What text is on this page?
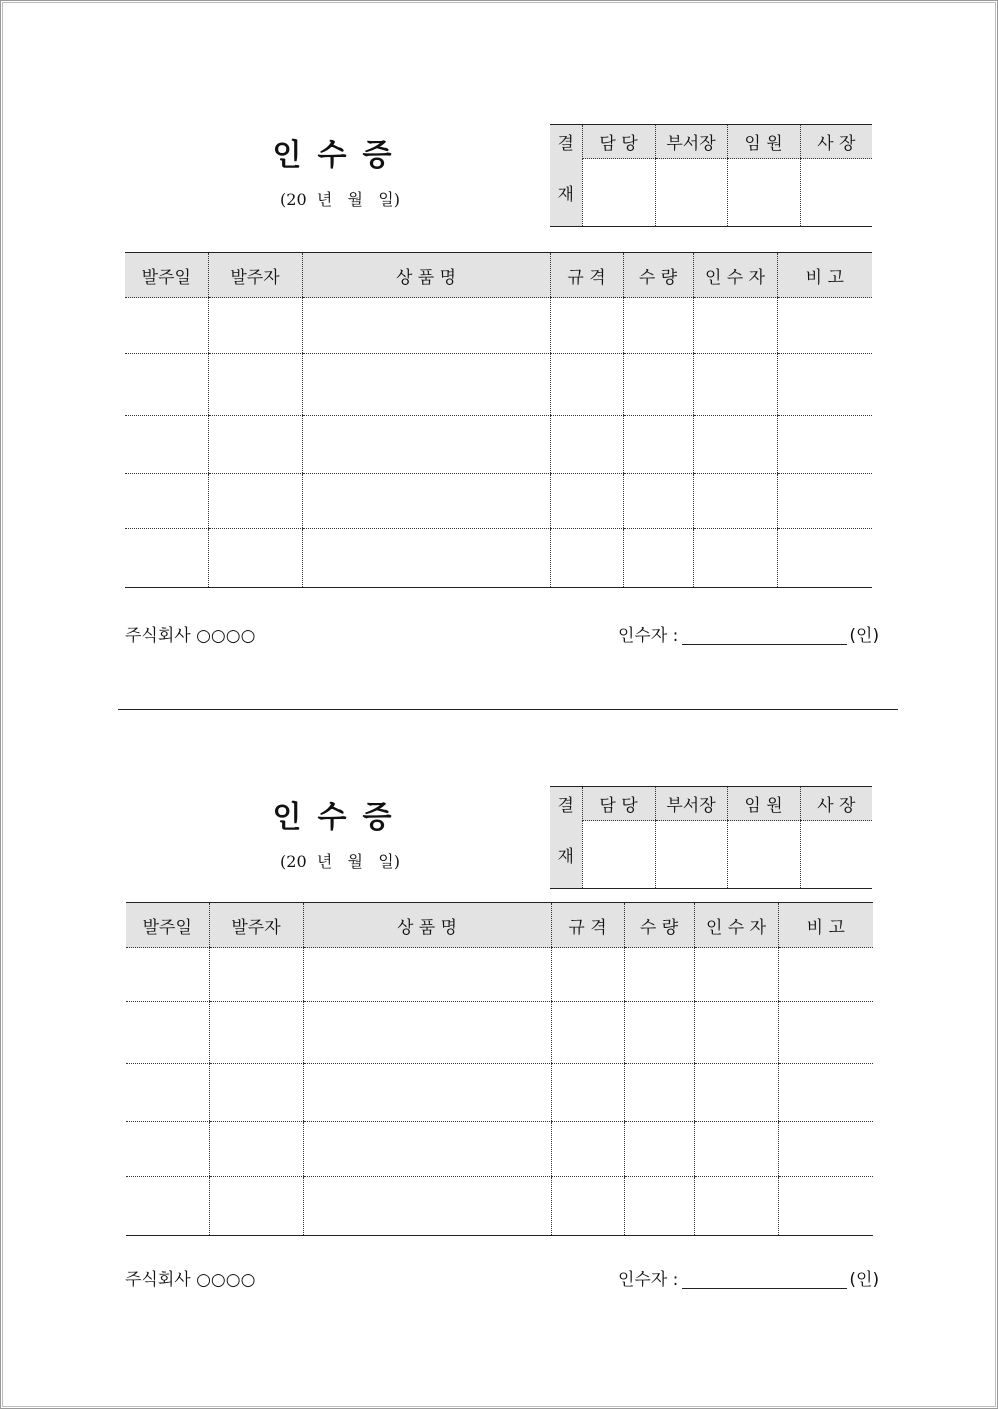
인수증
(20  년   월   일)
결	담 당	부서장	임 원	사 장
재				
발주일	발주자	상 품 명	규 격	수 량	인 수 자	비 고

주식회사 ○○○○	인수자 :	(인)
인수증
(20  년   월   일)
결	담 당	부서장	임 원	사 장
재				
발주일	발주자	상 품 명	규 격	수 량	인 수 자	비 고

주식회사 ○○○○	인수자 :	(인)
